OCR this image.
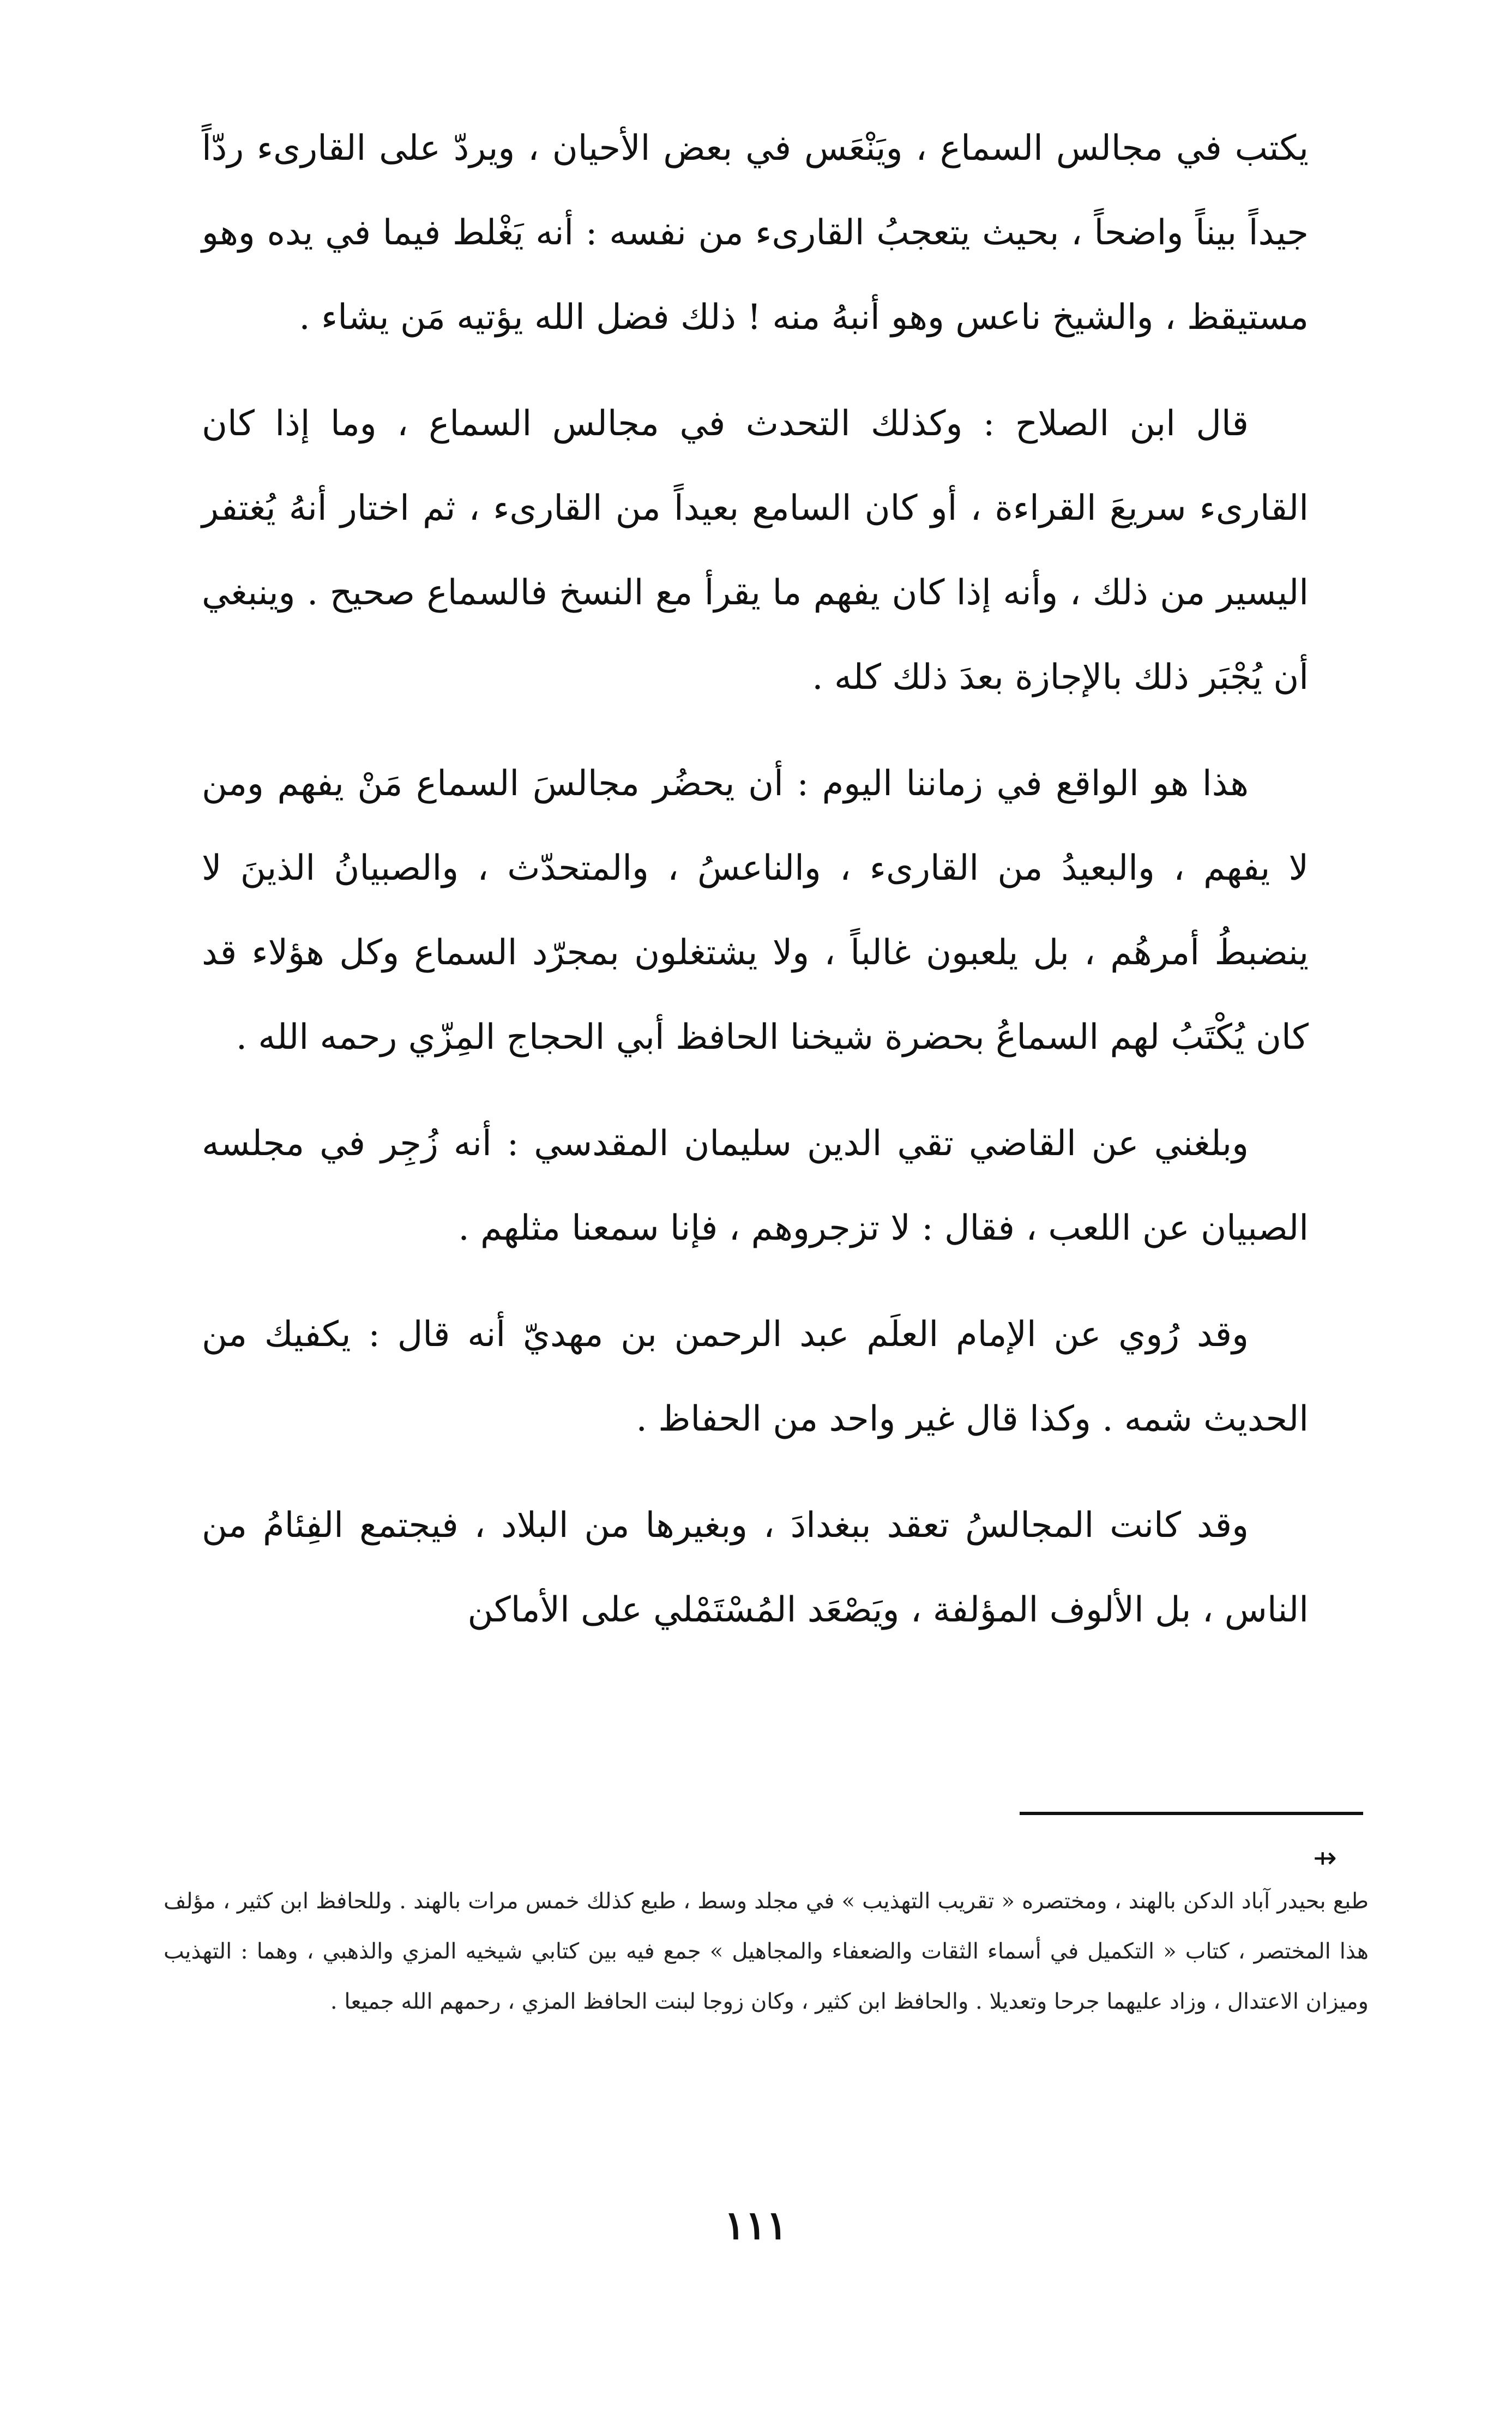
يكتب في مجالس السماع ، ويَنْعَس في بعض الأحيان ، ويردّ على القارىء ردّاً جيداً بيناً واضحاً ، بحيث يتعجبُ القارىء من نفسه : أنه يَغْلط فيما في يده وهو مستيقظ ، والشيخ ناعس وهو أنبهُ منه ! ذلك فضل الله يؤتيه مَن يشاء .

قال ابن الصلاح : وكذلك التحدث في مجالس السماع ، وما إذا كان القارىء سريعَ القراءة ، أو كان السامع بعيداً من القارىء ، ثم اختار أنهُ يُغتفر اليسير من ذلك ، وأنه إذا كان يفهم ما يقرأ مع النسخ فالسماع صحيح . وينبغي أن يُجْبَر ذلك بالإجازة بعدَ ذلك كله .

هذا هو الواقع في زماننا اليوم : أن يحضُر مجالسَ السماع مَنْ يفهم ومن لا يفهم ، والبعيدُ من القارىء ، والناعسُ ، والمتحدّث ، والصبيانُ الذينَ لا ينضبطُ أمرهُم ، بل يلعبون غالباً ، ولا يشتغلون بمجرّد السماع وكل هؤلاء قد كان يُكْتَبُ لهم السماعُ بحضرة شيخنا الحافظ أبي الحجاج المِزّي رحمه الله .

وبلغني عن القاضي تقي الدين سليمان المقدسي : أنه زُجِر في مجلسه الصبيان عن اللعب ، فقال : لا تزجروهم ، فإنا سمعنا مثلهم .

وقد رُوي عن الإمام العلَم عبد الرحمن بن مهديّ أنه قال : يكفيك من الحديث شمه . وكذا قال غير واحد من الحفاظ .

وقد كانت المجالسُ تعقد ببغدادَ ، وبغيرها من البلاد ، فيجتمع الفِئامُ من الناس ، بل الألوف المؤلفة ، ويَصْعَد المُسْتَمْلي على الأماكن

⇸

طبع بحيدر آباد الدكن بالهند ، ومختصره « تقريب التهذيب » في مجلد وسط ، طبع كذلك خمس مرات بالهند . وللحافظ ابن كثير ، مؤلف هذا المختصر ، كتاب « التكميل في أسماء الثقات والضعفاء والمجاهيل » جمع فيه بين كتابي شيخيه المزي والذهبي ، وهما : التهذيب وميزان الاعتدال ، وزاد عليهما جرحا وتعديلا . والحافظ ابن كثير ، وكان زوجا لبنت الحافظ المزي ، رحمهم الله جميعا .

١١١
